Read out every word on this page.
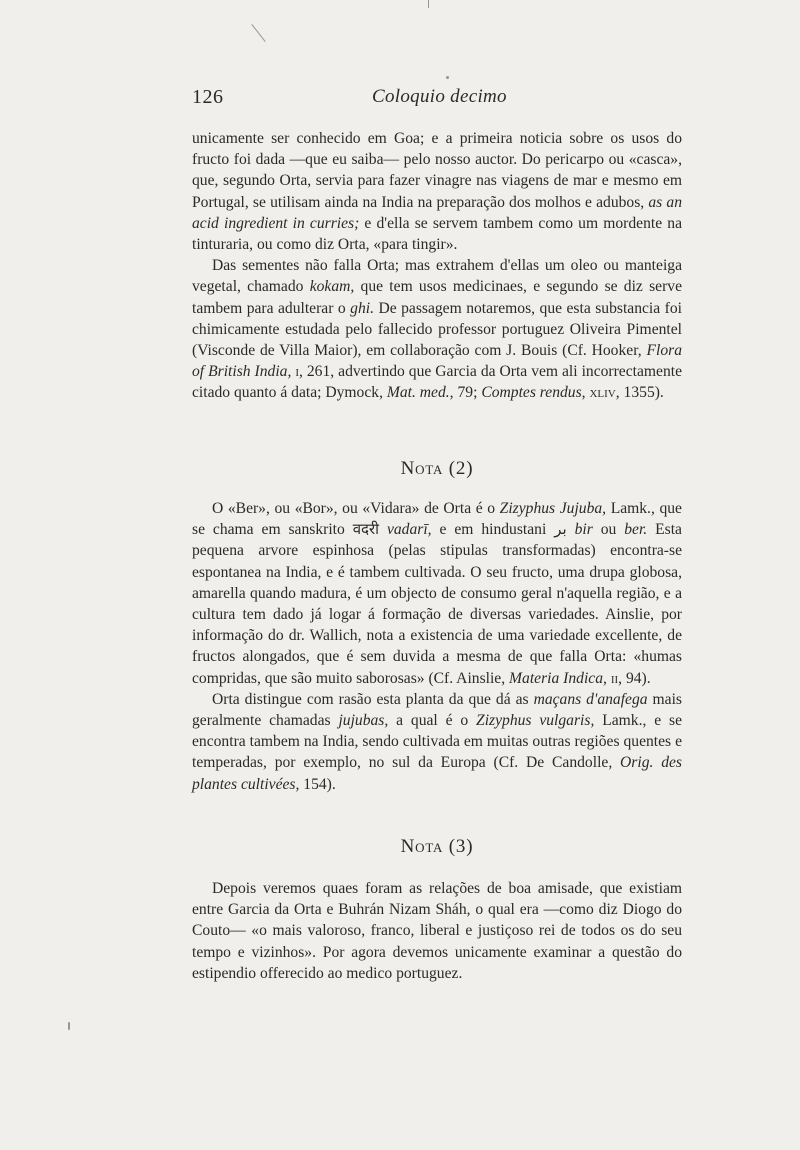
126	Coloquio decimo

unicamente ser conhecido em Goa; e a primeira noticia sobre os usos do fructo foi dada —que eu saiba— pelo nosso auctor. Do pericarpo ou «casca», que, segundo Orta, servia para fazer vinagre nas viagens de mar e mesmo em Portugal, se utilisam ainda na India na preparação dos molhos e adubos, as an acid ingredient in curries; e d'ella se servem tambem como um mordente na tinturaria, ou como diz Orta, «para tingir».

Das sementes não falla Orta; mas extrahem d'ellas um oleo ou manteiga vegetal, chamado kokam, que tem usos medicinaes, e segundo se diz serve tambem para adulterar o ghi. De passagem notaremos, que esta substancia foi chimicamente estudada pelo fallecido professor portuguez Oliveira Pimentel (Visconde de Villa Maior), em collaboração com J. Bouis (Cf. Hooker, Flora of British India, i, 261, advertindo que Garcia da Orta vem ali incorrectamente citado quanto á data; Dymock, Mat. med., 79; Comptes rendus, xliv, 1355).

Nota (2)

O «Ber», ou «Bor», ou «Vidara» de Orta é o Zizyphus Jujuba, Lamk., que se chama em sanskrito वदरी vadarī, e em hindustani بر bir ou ber. Esta pequena arvore espinhosa (pelas stipulas transformadas) encontra-se espontanea na India, e é tambem cultivada. O seu fructo, uma drupa globosa, amarella quando madura, é um objecto de consumo geral n'aquella região, e a cultura tem dado já logar á formação de diversas variedades. Ainslie, por informação do dr. Wallich, nota a existencia de uma variedade excellente, de fructos alongados, que é sem duvida a mesma de que falla Orta: «humas compridas, que são muito saborosas» (Cf. Ainslie, Materia Indica, ii, 94).

Orta distingue com rasão esta planta da que dá as maçans d'anafega mais geralmente chamadas jujubas, a qual é o Zizyphus vulgaris, Lamk., e se encontra tambem na India, sendo cultivada em muitas outras regiões quentes e temperadas, por exemplo, no sul da Europa (Cf. De Candolle, Orig. des plantes cultivées, 154).

Nota (3)

Depois veremos quaes foram as relações de boa amisade, que existiam entre Garcia da Orta e Buhrán Nizam Sháh, o qual era —como diz Diogo do Couto— «o mais valoroso, franco, liberal e justiçoso rei de todos os do seu tempo e vizinhos». Por agora devemos unicamente examinar a questão do estipendio offerecido ao medico portuguez.
